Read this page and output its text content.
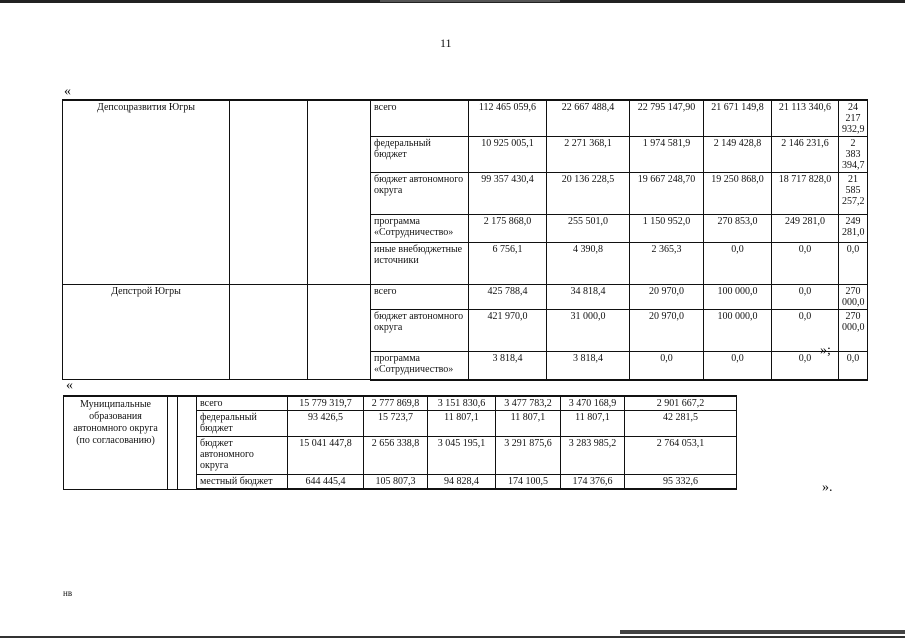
11
«
Депсоцразвития Югры			всего	112 465 059,6	22 667 488,4	22 795 147,90	21 671 149,8	21 113 340,6	24 217 932,9
			федеральный бюджет	10 925 005,1	2 271 368,1	1 974 581,9	2 149 428,8	2 146 231,6	2 383 394,7
			бюджет автономного округа	99 357 430,4	20 136 228,5	19 667 248,70	19 250 868,0	18 717 828,0	21 585 257,2
			программа «Сотрудничество»	2 175 868,0	255 501,0	1 150 952,0	270 853,0	249 281,0	249 281,0
			иные внебюджетные источники	6 756,1	4 390,8	2 365,3	0,0	0,0	0,0
Депстрой Югры			всего	425 788,4	34 818,4	20 970,0	100 000,0	0,0	270 000,0
			бюджет автономного округа	421 970,0	31 000,0	20 970,0	100 000,0	0,0	270 000,0
			программа «Сотрудничество»	3 818,4	3 818,4	0,0	0,0	0,0	0,0
»;
«
Муниципальные образования автономного округа (по согласованию)			всего	15 779 319,7	2 777 869,8	3 151 830,6	3 477 783,2	3 470 168,9	2 901 667,2
			федеральный бюджет	93 426,5	15 723,7	11 807,1	11 807,1	11 807,1	42 281,5
			бюджет автономного округа	15 041 447,8	2 656 338,8	3 045 195,1	3 291 875,6	3 283 985,2	2 764 053,1
			местный бюджет	644 445,4	105 807,3	94 828,4	174 100,5	174 376,6	95 332,6	».
нв
